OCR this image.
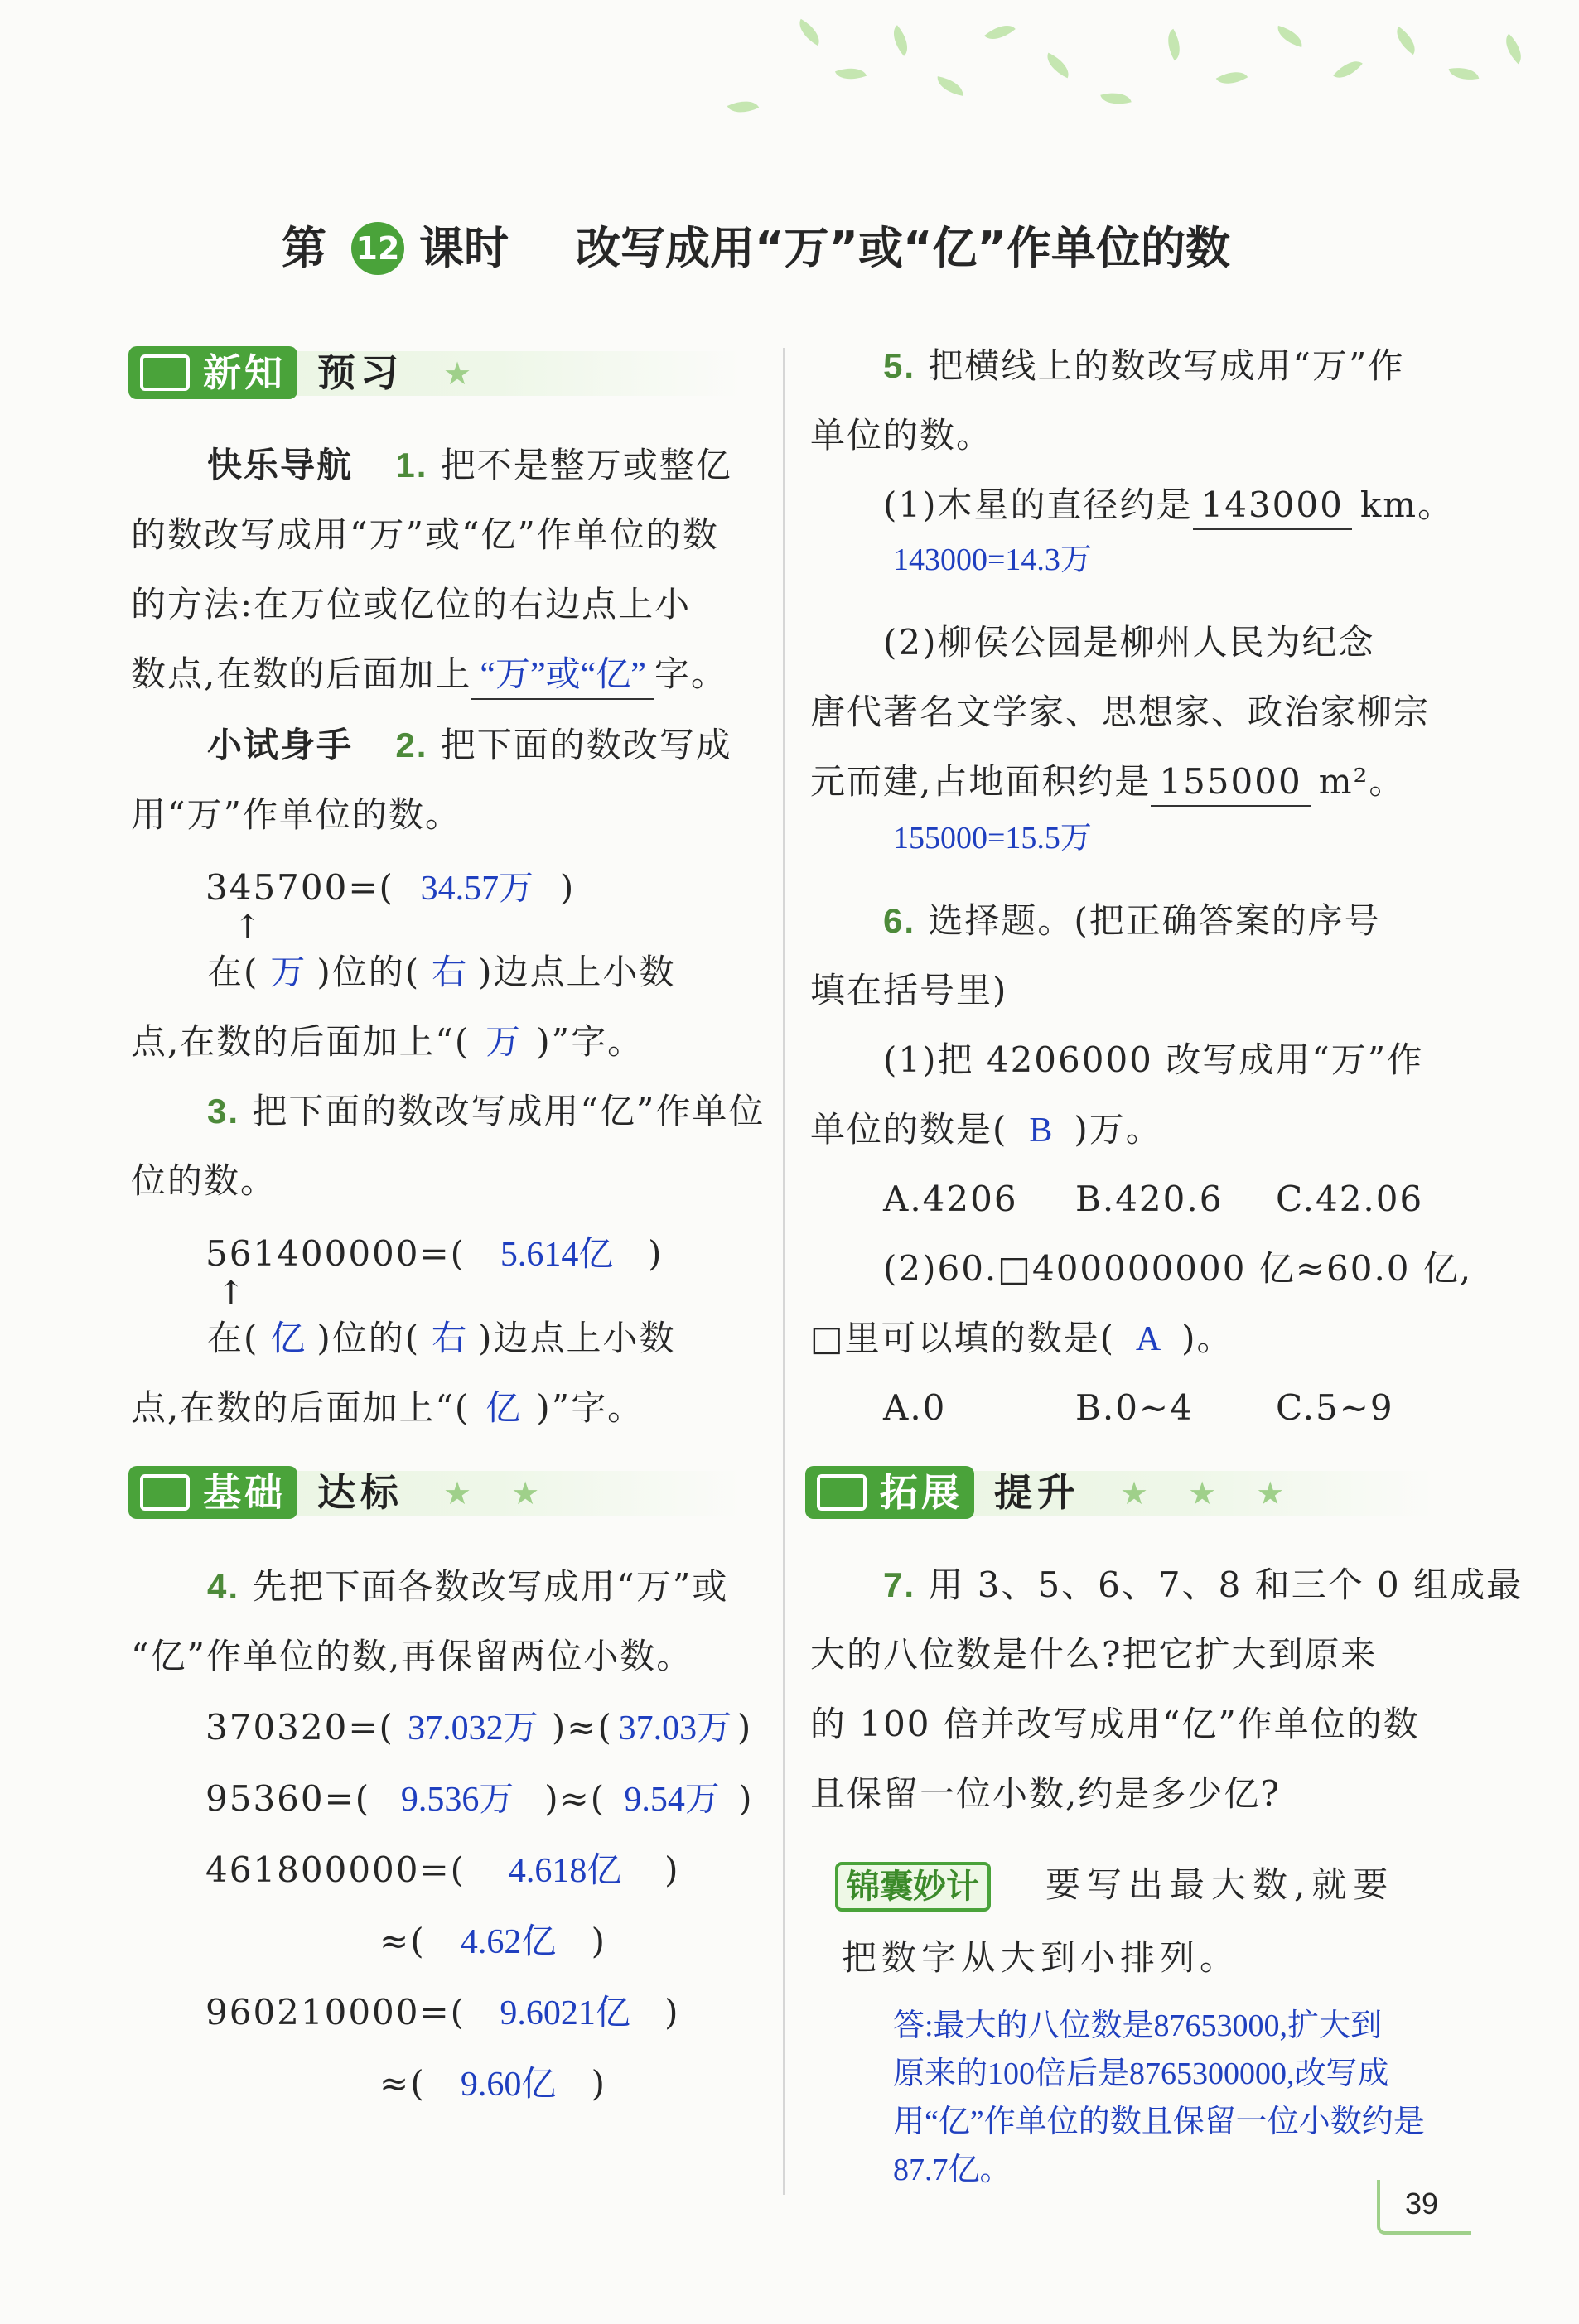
第 12 课时 改写成用“万”或“亿”作单位的数
新知 预习 ★
快乐导航 1. 把不是整万或整亿
的数改写成用“万”或“亿”作单位的数
的方法:在万位或亿位的右边点上小
数点,在数的后面加上 “万”或“亿” 字。
小试身手 2. 把下面的数改写成
用“万”作单位的数。
345700=( 34.57万 )
↑
在( 万 )位的( 右 )边点上小数
点,在数的后面加上“( 万 )”字。
3. 把下面的数改写成用“亿”作单位
位的数。
561400000=( 5.614亿 )
↑
在( 亿 )位的( 右 )边点上小数
点,在数的后面加上“( 亿 )”字。
基础 达标 ★ ★
4. 先把下面各数改写成用“万”或
“亿”作单位的数,再保留两位小数。
370320=( 37.032万 )≈( 37.03万 )
95360=( 9.536万 )≈( 9.54万 )
461800000=( 4.618亿 )
≈( 4.62亿 )
960210000=( 9.6021亿 )
≈( 9.60亿 )
5. 把横线上的数改写成用“万”作
单位的数。
(1)木星的直径约是 143000 km。
143000=14.3万
(2)柳侯公园是柳州人民为纪念
唐代著名文学家、思想家、政治家柳宗
元而建,占地面积约是 155000 m²。
155000=15.5万
6. 选择题。(把正确答案的序号
填在括号里)
(1)把 4206000 改写成用“万”作
单位的数是( B )万。
A.4206 B.420.6 C.42.06
(2)60.□400000000 亿≈60.0 亿,
□里可以填的数是( A )。
A.0	B.0~4 C.5~9
拓展 提升 ★ ★ ★
7. 用 3、5、6、7、8 和三个 0 组成最
大的八位数是什么?把它扩大到原来
的 100 倍并改写成用“亿”作单位的数
且保留一位小数,约是多少亿?
锦囊妙计	要写出最大数,就要
把数字从大到小排列。
答:最大的八位数是87653000,扩大到
原来的100倍后是8765300000,改写成
用“亿”作单位的数且保留一位小数约是
87.7亿。
39
